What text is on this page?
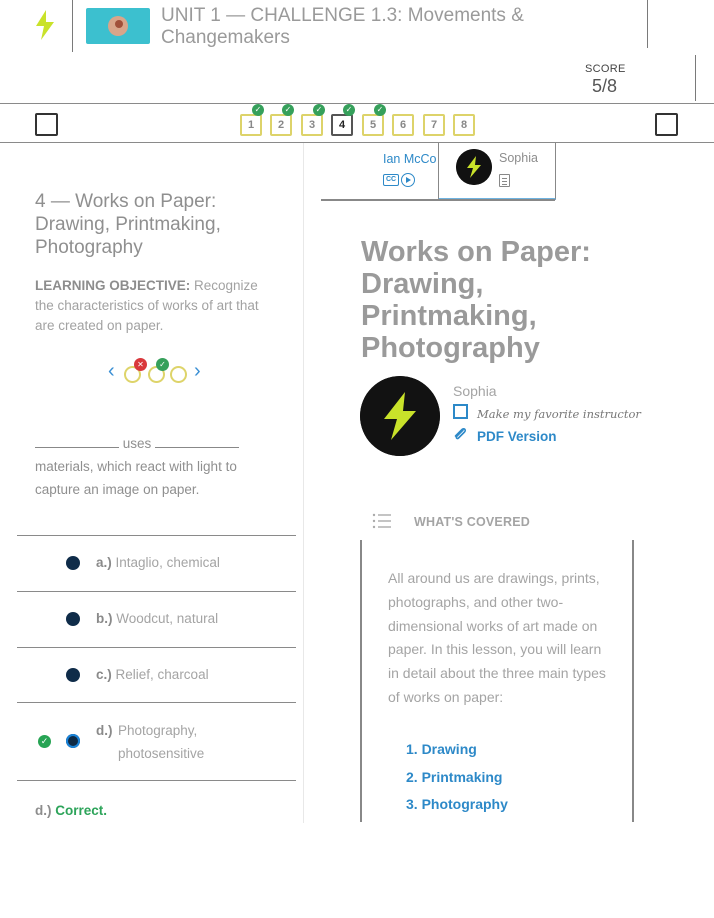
UNIT 1 — CHALLENGE 1.3: Movements & Changemakers
SCORE
5/8
1	2	3	4	5	6	7	8
✓	✓	✓	✓	✓
4 — Works on Paper: Drawing, Printmaking, Photography
LEARNING OBJECTIVE: Recognize the characteristics of works of art that are created on paper.
‹	✕	✓ ›
uses
materials, which react with light to capture an image on paper.
a.) Intaglio, chemical
b.) Woodcut, natural
c.) Relief, charcoal
✓
d.) Photography, photosensitive
d.) Correct.
Ian McCo
CC
Sophia
Works on Paper: Drawing, Printmaking, Photography
Sophia
Make my favorite instructor
PDF Version
WHAT'S COVERED
All around us are drawings, prints, photographs, and other two-dimensional works of art made on paper. In this lesson, you will learn in detail about the three main types of works on paper:
1. Drawing
2. Printmaking
3. Photography
